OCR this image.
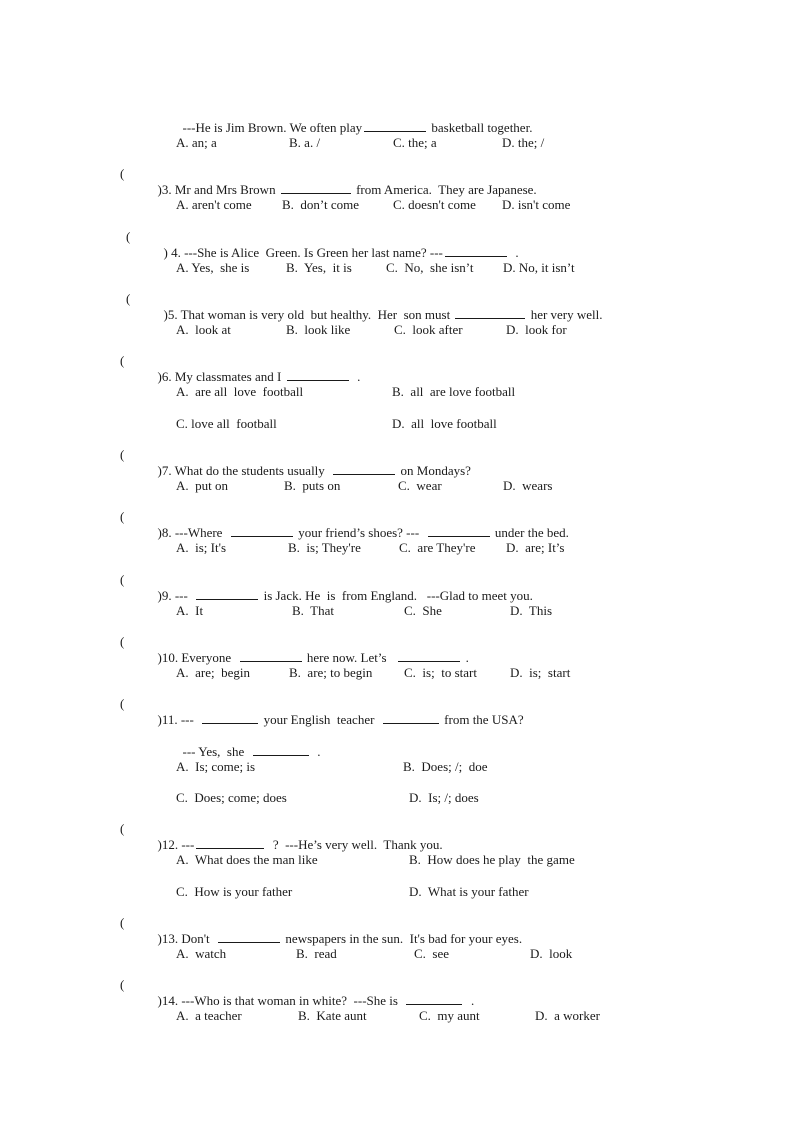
---He is Jim Brown. We often play	basketball together.

A. an; a	B. a. /	C. the; a	D. the; /
(

)3. Mr and Mrs Brown	from America.  They are Japanese.

A. aren't come B.  don’t come	C. doesn't come D. isn't come
(

) 4. ---She is Alice  Green. Is Green her last name? ---	.

A. Yes,  she is	B.  Yes,  it is	C.  No,  she isn’t D. No, it isn’t
(

)5. That woman is very old  but healthy.  Her  son must	her very well.

A.  look at	B.  look like	C.  look after	D.  look for
(

)6. My classmates and I	.

A.  are all  love  football	B.  all  are love football
C. love all  football	D.  all  love football
(

)7. What do the students usually	on Mondays?

A.  put on	B.  puts on	C.  wear	D.  wears
(

)8. ---Where	your friend’s shoes? ---	under the bed.

A.  is; It's	B.  is; They're	C.  are They're D.  are; It’s
(

)9. ---	is Jack. He  is  from England.   ---Glad to meet you.

A.  It	B.  That	C.  She	D.  This
(

)10. Everyone	here now. Let’s	.

A.  are;  begin	B.  are; to begin C.  is;  to start	D.  is;  start
(

)11. ---	your English  teacher	from the USA?

--- Yes,  she	.

A.  Is; come; is	B.  Does; /;  doe
C.  Does; come; does	D.  Is; /; does
(

)12. ---	?  ---He’s very well.  Thank you.

A.  What does the man like	B.  How does he play  the game
C.  How is your father	D.  What is your father
(

)13. Don't	newspapers in the sun.  It's bad for your eyes.

A.  watch	B.  read	C.  see	D.  look
(

)14. ---Who is that woman in white?  ---She is	.

A.  a teacher	B.  Kate aunt	C.  my aunt	D.  a worker
